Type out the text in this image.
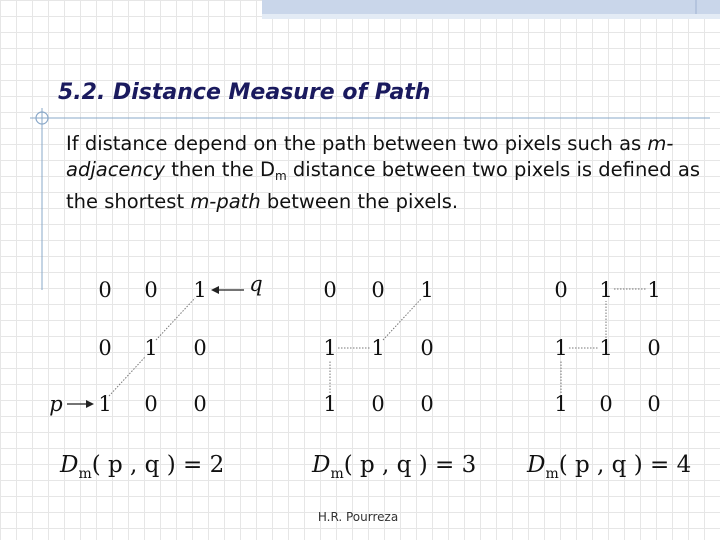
5.2. Distance Measure of Path
If distance depend on the path between two pixels such as m-adjacency then the $D_m$ distance between two pixels is defined as the shortest m-path between the pixels.
0 0 1
0 1 0
1 0 0
p
q
$D_m$( p , q ) = 2
0 0 1
1 1 0
1 0 0
$D_m$( p , q ) = 3
0 1 1
1 1 0
1 0 0
$D_m$( p , q ) = 4
H.R. Pourreza
